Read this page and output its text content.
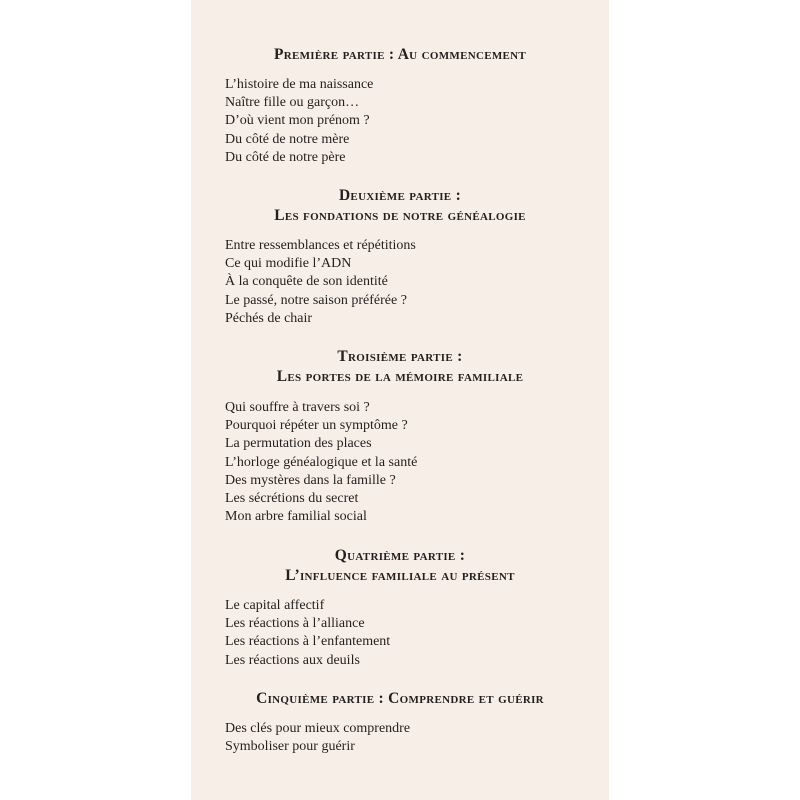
Première partie : Au commencement
L’histoire de ma naissance
Naître fille ou garçon…
D’où vient mon prénom ?
Du côté de notre mère
Du côté de notre père
Deuxième partie :
Les fondations de notre généalogie
Entre ressemblances et répétitions
Ce qui modifie l’ADN
À la conquête de son identité
Le passé, notre saison préférée ?
Péchés de chair
Troisième partie :
Les portes de la mémoire familiale
Qui souffre à travers soi ?
Pourquoi répéter un symptôme ?
La permutation des places
L’horloge généalogique et la santé
Des mystères dans la famille ?
Les sécrétions du secret
Mon arbre familial social
Quatrième partie :
L’influence familiale au présent
Le capital affectif
Les réactions à l’alliance
Les réactions à l’enfantement
Les réactions aux deuils
Cinquième partie : Comprendre et guérir
Des clés pour mieux comprendre
Symboliser pour guérir
